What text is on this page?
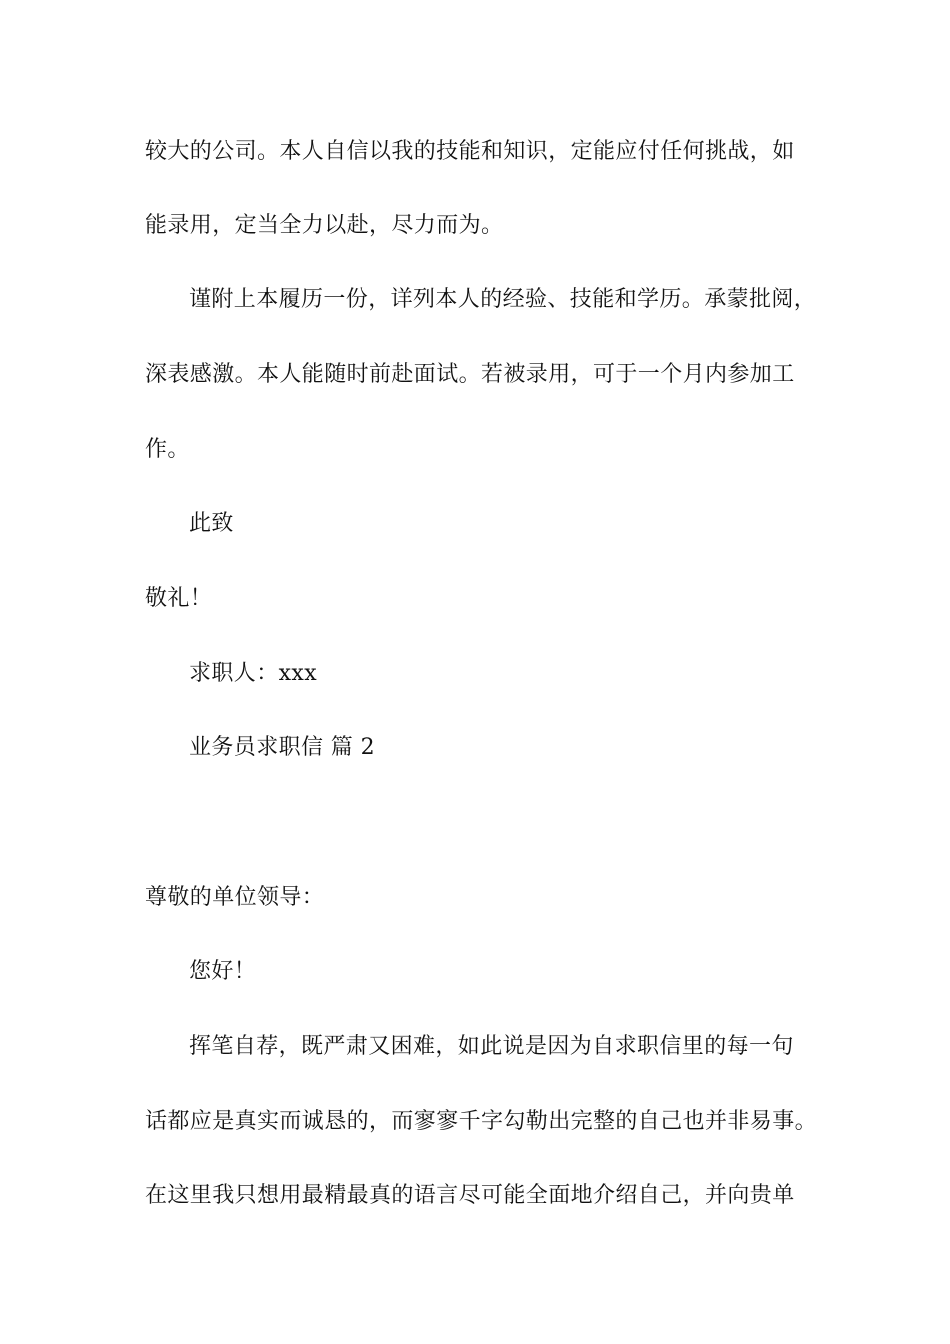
较大的公司。本人自信以我的技能和知识，定能应付任何挑战，如
能录用，定当全力以赴，尽力而为。
谨附上本履历一份，详列本人的经验、技能和学历。承蒙批阅，
深表感激。本人能随时前赴面试。若被录用，可于一个月内参加工
作。
此致
敬礼！
求职人：xxx
业务员求职信 篇 2
尊敬的单位领导：
您好！
挥笔自荐，既严肃又困难，如此说是因为自求职信里的每一句
话都应是真实而诚恳的，而寥寥千字勾勒出完整的自己也并非易事。
在这里我只想用最精最真的语言尽可能全面地介绍自己，并向贵单
